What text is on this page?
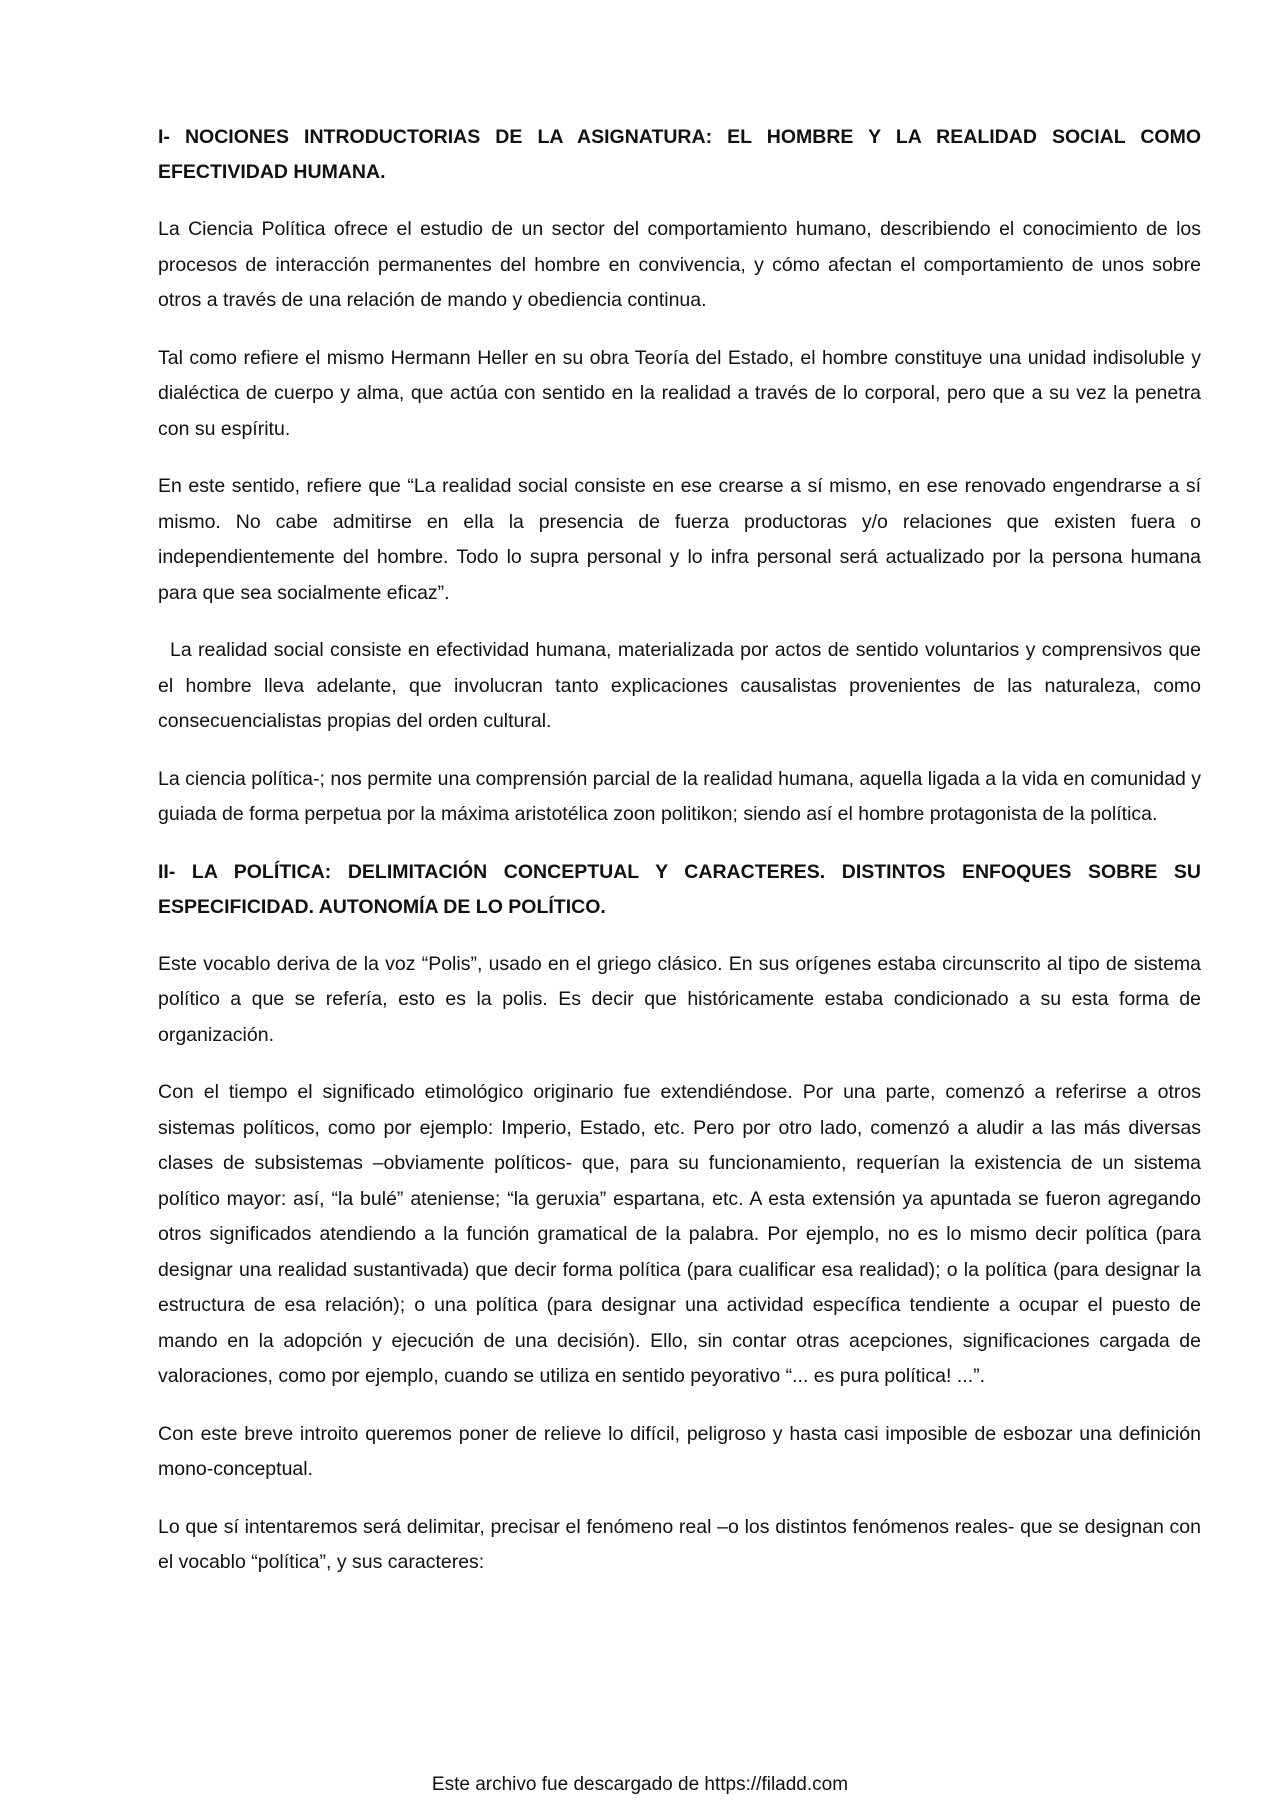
I- NOCIONES INTRODUCTORIAS DE LA ASIGNATURA: EL HOMBRE Y LA REALIDAD SOCIAL COMO EFECTIVIDAD HUMANA.

La Ciencia Política ofrece el estudio de un sector del comportamiento humano, describiendo el conocimiento de los procesos de interacción permanentes del hombre en convivencia, y cómo afectan el comportamiento de unos sobre otros a través de una relación de mando y obediencia continua.

Tal como refiere el mismo Hermann Heller en su obra Teoría del Estado, el hombre constituye una unidad indisoluble y dialéctica de cuerpo y alma, que actúa con sentido en la realidad a través de lo corporal, pero que a su vez la penetra con su espíritu.

En este sentido, refiere que “La realidad social consiste en ese crearse a sí mismo, en ese renovado engendrarse a sí mismo. No cabe admitirse en ella la presencia de fuerza productoras y/o relaciones que existen fuera o independientemente del hombre. Todo lo supra personal y lo infra personal será actualizado por la persona humana para que sea socialmente eficaz”.

La realidad social consiste en efectividad humana, materializada por actos de sentido voluntarios y comprensivos que el hombre lleva adelante, que involucran tanto explicaciones causalistas provenientes de las naturaleza, como consecuencialistas propias del orden cultural.

La ciencia política-; nos permite una comprensión parcial de la realidad humana, aquella ligada a la vida en comunidad y guiada de forma perpetua por la máxima aristotélica zoon politikon; siendo así el hombre protagonista de la política.

II- LA POLÍTICA: DELIMITACIÓN CONCEPTUAL Y CARACTERES. DISTINTOS ENFOQUES SOBRE SU ESPECIFICIDAD. AUTONOMÍA DE LO POLÍTICO.

Este vocablo deriva de la voz “Polis”, usado en el griego clásico. En sus orígenes estaba circunscrito al tipo de sistema político a que se refería, esto es la polis. Es decir que históricamente estaba condicionado a su esta forma de organización.

Con el tiempo el significado etimológico originario fue extendiéndose. Por una parte, comenzó a referirse a otros sistemas políticos, como por ejemplo: Imperio, Estado, etc. Pero por otro lado, comenzó a aludir a las más diversas clases de subsistemas –obviamente políticos- que, para su funcionamiento, requerían la existencia de un sistema político mayor: así, “la bulé” ateniense; “la geruxia” espartana, etc. A esta extensión ya apuntada se fueron agregando otros significados atendiendo a la función gramatical de la palabra. Por ejemplo, no es lo mismo decir política (para designar una realidad sustantivada) que decir forma política (para cualificar esa realidad); o la política (para designar la estructura de esa relación); o una política (para designar una actividad específica tendiente a ocupar el puesto de mando en la adopción y ejecución de una decisión). Ello, sin contar otras acepciones, significaciones cargada de valoraciones, como por ejemplo, cuando se utiliza en sentido peyorativo “... es pura política! ...”.

Con este breve introito queremos poner de relieve lo difícil, peligroso y hasta casi imposible de esbozar una definición mono-conceptual.

Lo que sí intentaremos será delimitar, precisar el fenómeno real –o los distintos fenómenos reales- que se designan con el vocablo “política”, y sus caracteres:

Este archivo fue descargado de https://filadd.com
